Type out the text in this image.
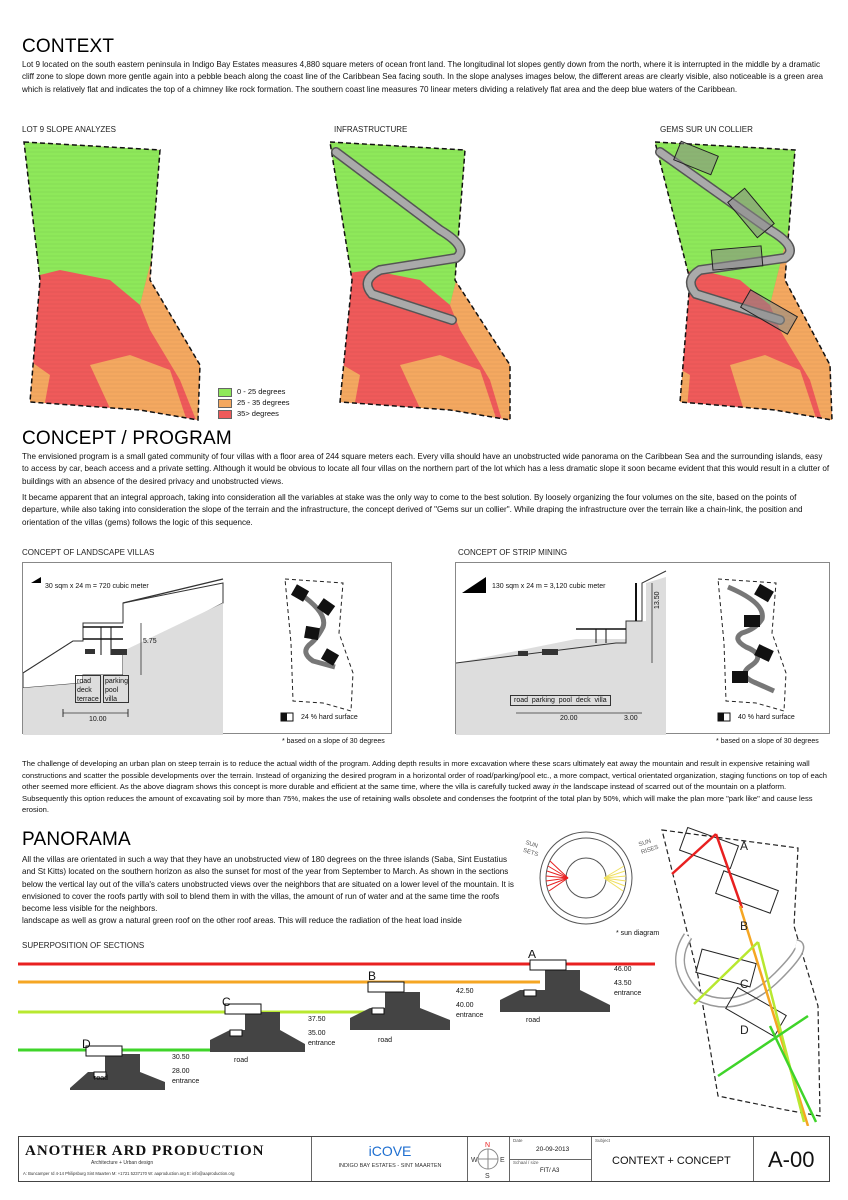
CONTEXT
Lot 9 located on the south eastern peninsula in Indigo Bay Estates measures 4,880 square meters of ocean front land. The longitudinal lot slopes gently down from the north, where it is interrupted in the middle by a dramatic cliff zone to slope down more gentle again into a pebble beach along the coast line of the Caribbean Sea facing south. In the slope analyses images below, the different areas are clearly visible, also noticeable is a green area which is relatively flat and indicates the top of a chimney like rock formation. The southern coast line measures 70 linear meters dividing a relatively flat area and the deep blue waters of the Caribbean.
LOT 9 SLOPE ANALYZES	INFRASTRUCTURE	GEMS SUR UN COLLIER
0 - 25 degrees
25 - 35 degrees
35> degrees
CONCEPT / PROGRAM
The envisioned program is a small gated community of four villas with a floor area of 244 square meters each. Every villa should have an unobstructed wide panorama on the Caribbean Sea and the surrounding islands, easy to access by car, beach access and a private setting. Although it would be obvious to locate all four villas on the northern part of the lot which has a less dramatic slope it soon became evident that this would result in a clutter of buildings with an absence of the desired privacy and unobstructed views.
It became apparent that an integral approach, taking into consideration all the variables at stake was the only way to come to the best solution. By loosely organizing the four volumes on the site, based on the points of departure, while also taking into consideration the slope of the terrain and the infrastructure, the concept derived of "Gems sur un collier". While draping the infrastructure over the terrain like a chain-link, the position and orientation of the villas (gems) follows the logic of this sequence.
CONCEPT OF LANDSCAPE VILLAS	CONCEPT OF STRIP MINING
30 sqm x 24 m = 720 cubic meter
5.75
road
deck
terrace
parking
pool
villa
10.00	24 % hard surface
* based on a slope of 30 degrees
130 sqm x 24 m = 3,120 cubic meter
13.50
road  parking  pool  deck  villa
20.00	3.00	40 % hard surface
* based on a slope of 30 degrees
The challenge of developing an urban plan on steep terrain is to reduce the actual width of the program. Adding depth results in more excavation where these scars ultimately eat away the mountain and result in expensive retaining wall constructions and scatter the possible developments over the terrain. Instead of organizing the desired program in a horizontal order of road/parking/pool etc., a more compact, vertical orientated organization, staging functions on top of each other seemed more efficient. As the above diagram shows this concept is more durable and efficient at the same time, where the villa is carefully tucked away in the landscape instead of scarred out of the mountain on a platform. Subsequently this option reduces the amount of excavating soil by more than 75%, makes the use of retaining walls obsolete and condenses the footprint of the total plan by 50%, which will make the plan more "park like" and cause less erosion.
PANORAMA
All the villas are orientated in such a way that they have an unobstructed view of 180 degrees on the three islands (Saba, Sint Eustatius and St Kitts) located on the southern horizon as also the sunset for most of the year from September to March. As shown in the sections below the vertical lay out of the villa's caters unobstructed views over the neighbors that are situated on a lower level of the mountain. It is envisioned to cover the roofs partly with soil to blend them in with the villas, the amount of run of water and at the same time the roofs become less visible for the neighbors.
landscape as well as grow a natural green roof on the other roof areas. This will reduce the radiation of the heat load inside
SUN SETS
SUN RISES
* sun diagram
A
B
C
D
SUPERPOSITION OF SECTIONS
A
B
C
D
road
road
road
road
46.00
43.50
entrance
42.50
40.00
entrance
37.50
35.00
entrance
30.50
28.00
entrance
ANOTHER ARD PRODUCTION
Architecture + Urban design
A: Buncamper rd 4-14 Philipsburg Sint Maarten M: +1721 5237170 W: aaproduction.org E: info@aaproduction.org
iCOVE
INDIGO BAY ESTATES - SINT MAARTEN
N
W	E
S
Date
20-09-2013
Schaal / size
FIT/ A3
Subject
CONTEXT + CONCEPT A-00
